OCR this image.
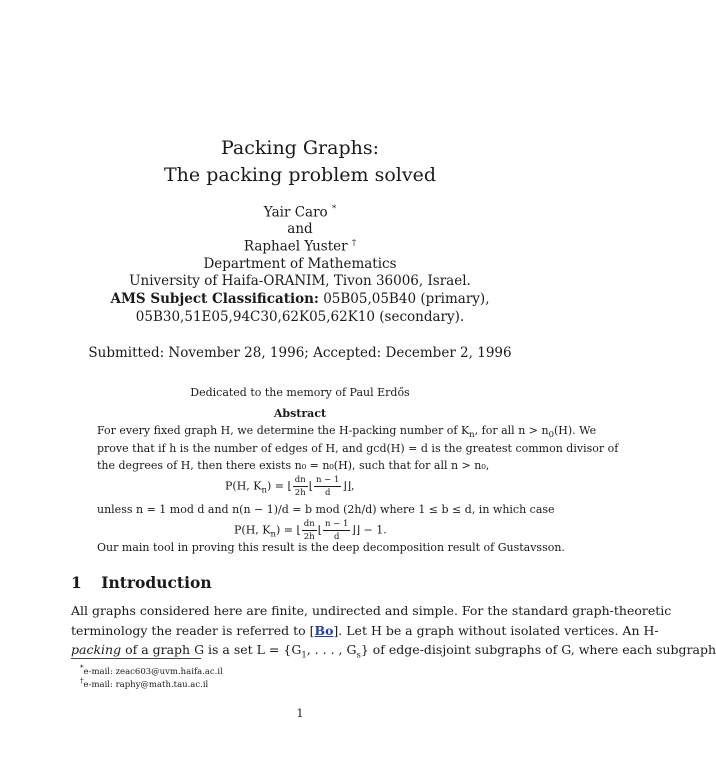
Packing Graphs:
The packing problem solved
Yair Caro *
and
Raphael Yuster †
Department of Mathematics
University of Haifa-ORANIM, Tivon 36006, Israel.
AMS Subject Classification: 05B05,05B40 (primary),
05B30,51E05,94C30,62K05,62K10 (secondary).
Submitted: November 28, 1996; Accepted: December 2, 1996
Dedicated to the memory of Paul Erdős
Abstract
For every fixed graph H, we determine the H-packing number of $K_n$, for all $n > n_0(H)$. We
prove that if h is the number of edges of H, and gcd(H) = d is the greatest common divisor of
the degrees of H, then there exists n₀ = n₀(H), such that for all n > n₀,
P(H, $K_n$) = ⌊ $\frac{dn}{2h}$ ⌊ $\frac{n - 1}{d}$ ⌋⌋,
unless n = 1 mod d and n(n − 1)/d = b mod (2h/d) where 1 ≤ b ≤ d, in which case
P(H, $K_n$) = ⌊ $\frac{dn}{2h}$ ⌊ $\frac{n - 1}{d}$ ⌋⌋ − 1.
Our main tool in proving this result is the deep decomposition result of Gustavsson.
1 Introduction
All graphs considered here are finite, undirected and simple. For the standard graph-theoretic
terminology the reader is referred to [Bo]. Let H be a graph without isolated vertices. An H-
packing of a graph G is a set $L = \{G_1$, . . . , $G_s$} of edge-disjoint subgraphs of G, where each subgraph
*e-mail: zeac603@uvm.haifa.ac.il
†e-mail: raphy@math.tau.ac.il
1
